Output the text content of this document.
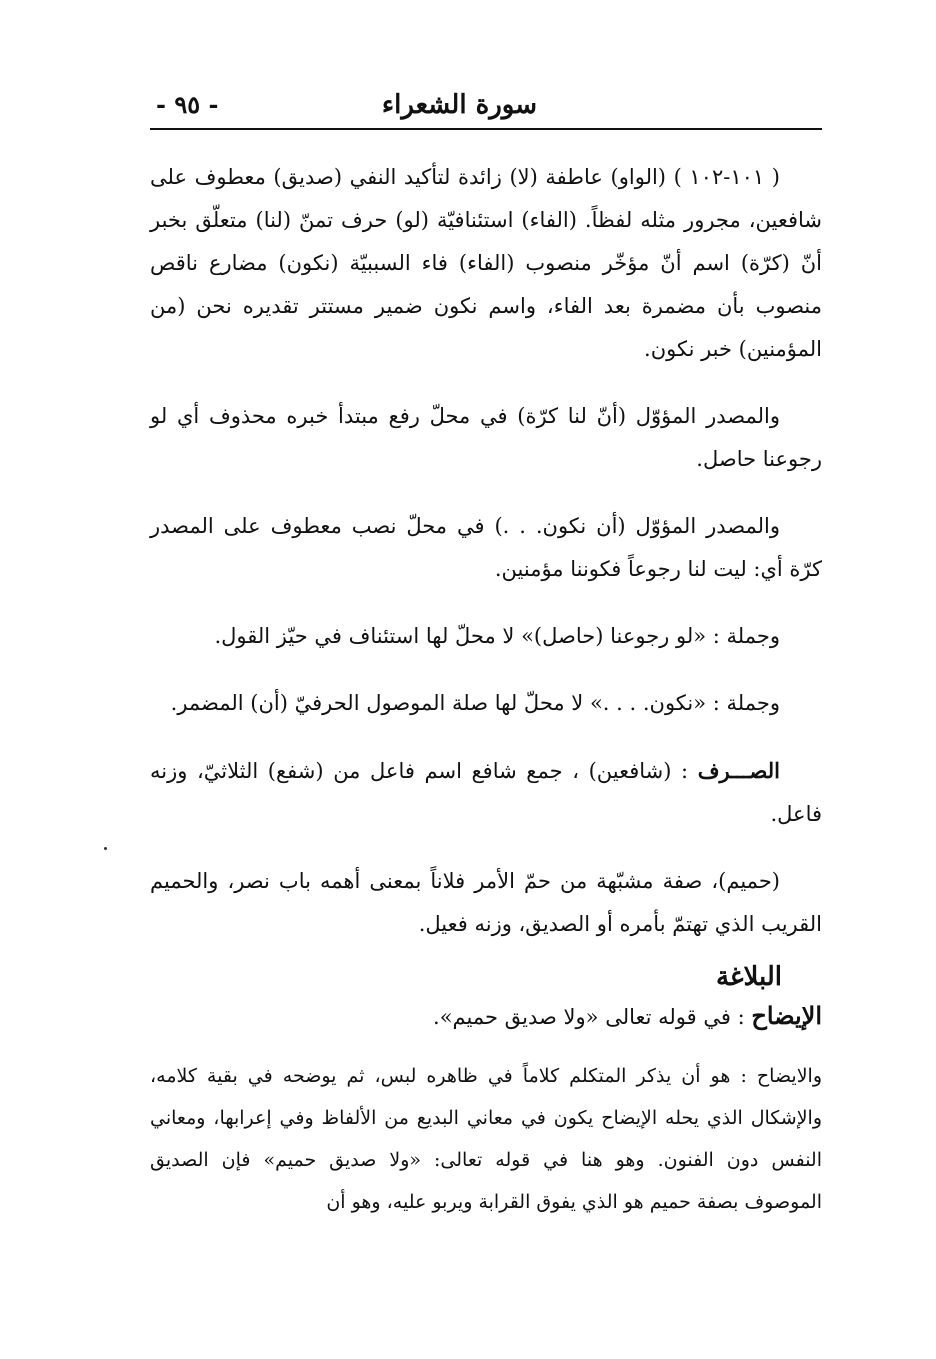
سورة الشعراء
- ٩٥ -

( ١٠١-١٠٢ ) (الواو) عاطفة (لا) زائدة لتأكيد النفي (صديق) معطوف على شافعين، مجرور مثله لفظاً. (الفاء) استئنافيّة (لو) حرف تمنّ (لنا) متعلّق بخبر أنّ (كرّة) اسم أنّ مؤخّر منصوب (الفاء) فاء السببيّة (نكون) مضارع ناقص منصوب بأن مضمرة بعد الفاء، واسم نكون ضمير مستتر تقديره نحن (من المؤمنين) خبر نكون.

والمصدر المؤوّل (أنّ لنا كرّة) في محلّ رفع مبتدأ خبره محذوف أي لو رجوعنا حاصل.

والمصدر المؤوّل (أن نكون. . .) في محلّ نصب معطوف على المصدر كرّة أي: ليت لنا رجوعاً فكوننا مؤمنين.

وجملة : «لو رجوعنا (حاصل)» لا محلّ لها استئناف في حيّز القول.

وجملة : «نكون. . . .» لا محلّ لها صلة الموصول الحرفيّ (أن) المضمر.

الصـــرف : (شافعين) ، جمع شافع اسم فاعل من (شفع) الثلاثيّ، وزنه فاعل.

(حميم)، صفة مشبّهة من حمّ الأمر فلاناً بمعنى أهمه باب نصر، والحميم القريب الذي تهتمّ بأمره أو الصديق، وزنه فعيل.

البلاغة
الإيضاح : في قوله تعالى «ولا صديق حميم».

والايضاح : هو أن يذكر المتكلم كلاماً في ظاهره لبس، ثم يوضحه في بقية كلامه، والإشكال الذي يحله الإيضاح يكون في معاني البديع من الألفاظ وفي إعرابها، ومعاني النفس دون الفنون. وهو هنا في قوله تعالى: «ولا صديق حميم» فإن الصديق الموصوف بصفة حميم هو الذي يفوق القرابة ويربو عليه، وهو أن
